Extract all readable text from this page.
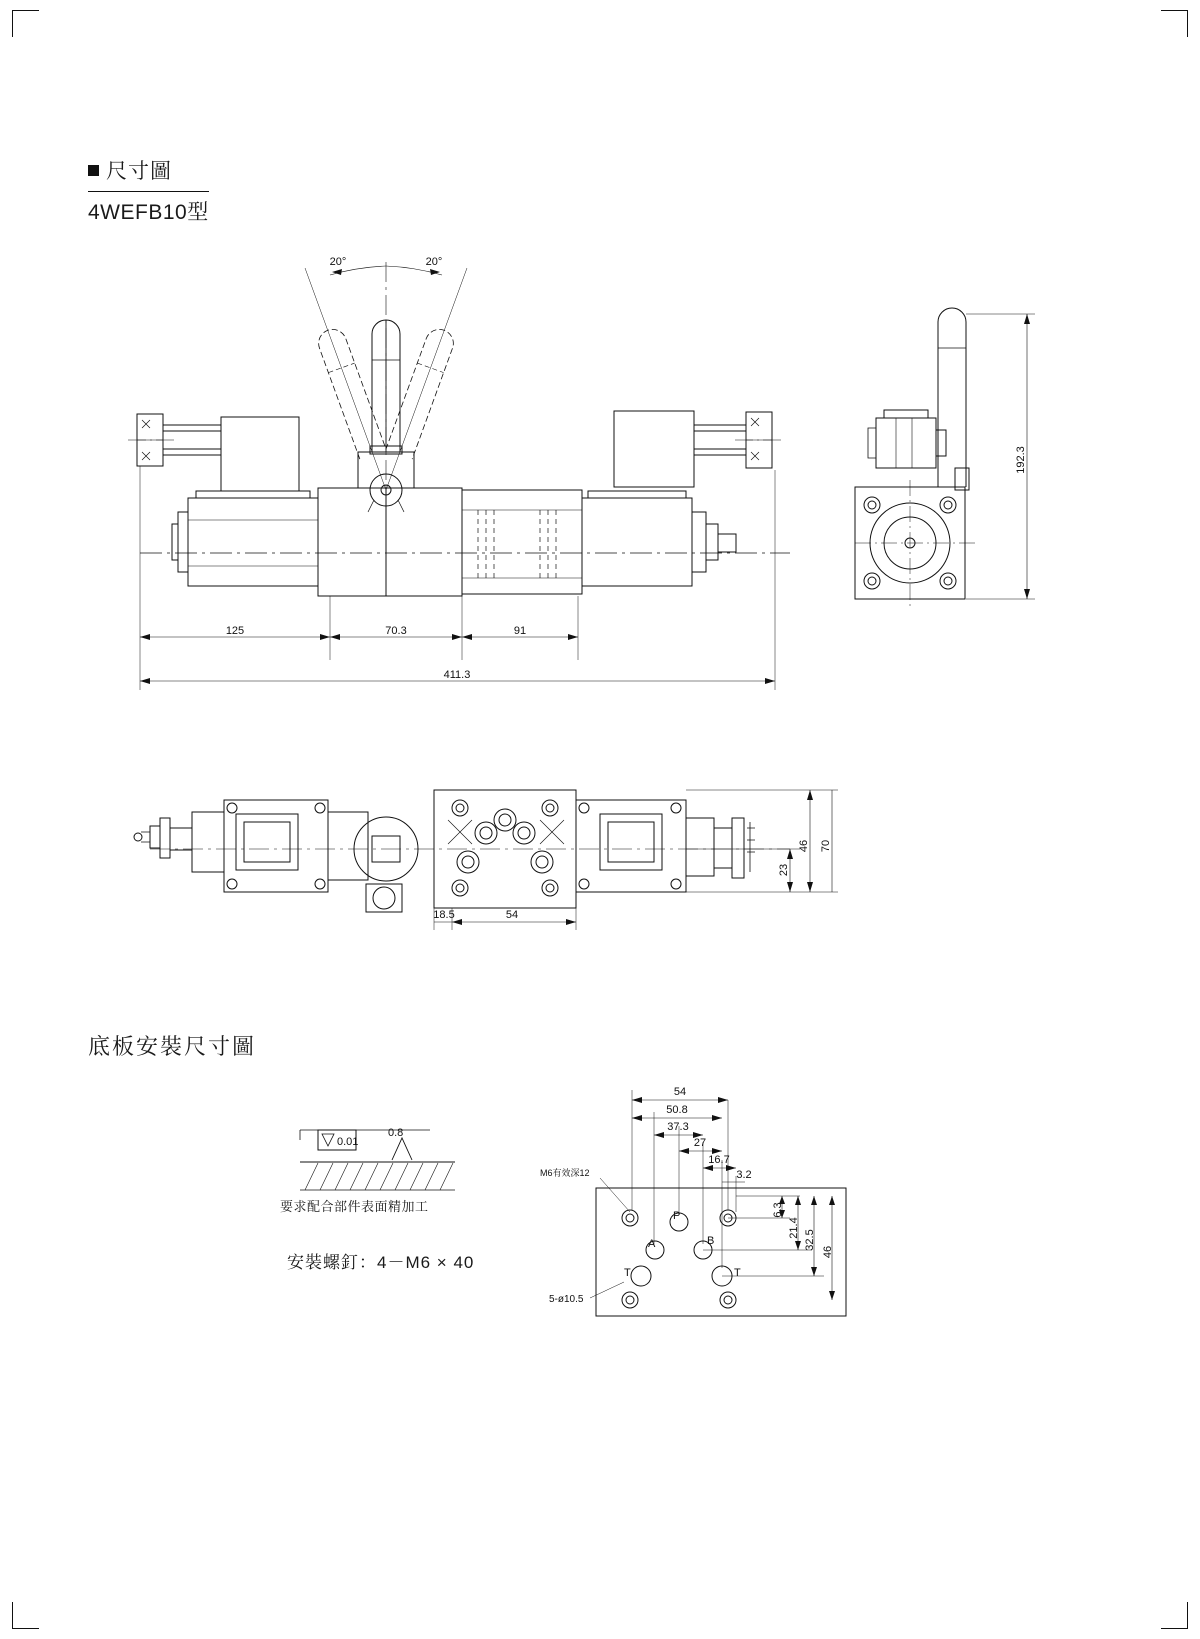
尺寸圖
4WEFB10型
底板安裝尺寸圖
要求配合部件表面精加工
安裝螺釘：4－M6 × 40
20°	20°
125	70.3	91
411.3
192.3
18.5	54
23
46 70
54
50.8
37.3
27
16.7
3.2
6.3
21.4
32.5
46
M6有效深12
5-ø10.5
P
A	B
T	T
0.01
0.8
